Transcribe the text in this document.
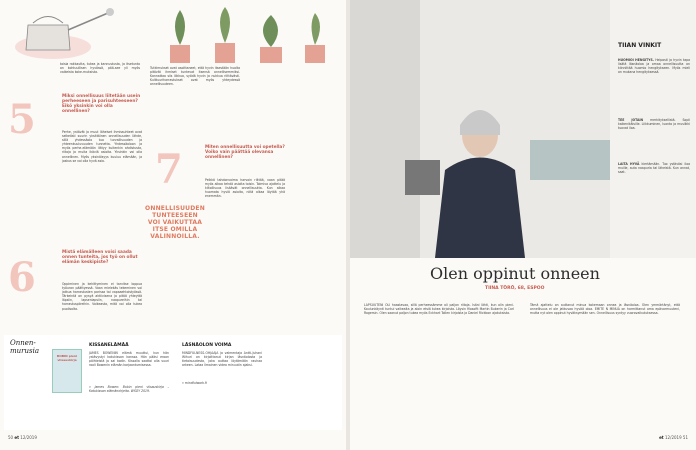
toisia rakkautta, tukea ja kannustusta, ja itsetunto on kohtuullisen hyvässä, pää-see yli myös vaikeista koke-muksista.
5	Miksi onnellisuus liitetään usein perheeseen ja parisuhteeseen? Eikö yksinkin voi olla onnellinen?
Perhe, ystävät ja muut läheiset ihmissuhteet ovat selkeästi suurin yksittäinen onnellisuuden lähde, sillä yhdessäolo tuo turvallisuuden ja yhteenkuuluvuuden tunnetta. Yhdessäoloon ja myös perhe-elämään liittyy kuitenkin ahdistusta, riitoja ja muita ikäviä asioita. Yksinkin voi olla onnellinen. Myös yksinäisyys kuuluu elämään, ja joskus se voi olla hyvä asia.
6
Mistä elämälleen voisi saada onnen tunteita, jos työ on ollut elämän keskipiste?
Oppiminen ja kehittyminen ei tarvitse loppua työuran päättyessä. Vaan mielekäs tekeminen voi jatkua harrastusten parissa tai vapaaehtoistyössä. Tärkeintä on pysyä aktiivisena ja pitää yhteyttä läpsiin, lapsenlapsiin, naapureihin tai harrastuspiireihin. Vaikeasta, mitä voi olla tukea puolisolta.
Tutkimukset ovat osoittaneet, että hyvin itsestään huolta pitävät ihmiset tuntevat itsensä onnellisemmiksi. Kannattaa siis liikkua, syödä hyvin ja nukkua riittävästi. Kulttuuriharrastukset ovat myös yhteydessä onnellisuuteen.
7	Miten onnellisuutta voi opetella? Voiko vain päättää olevansa onnellinen?
Pelkkä tahdonvoima harvoin riittää, vaan pitää myös alkaa tehdä asioita toisin. Toimiva ajattelu ja kiitollisuus lisäävät onnellisuutta. Kun alkaa huomata hyviä asioita, niitä alkaa löytää yhä enemmän.
ONNELLISUUDEN TUNTEESEEN VOI VAIKUTTAA ITSE OMILLA VALINNOILLA.
Onnen-murusia
BOBIN pieni viisauskirja
KISSANELÄMÄÄ
JAMES BOWENIN elämä muuttui, kun hän ystävystyi katukissan kanssa. Hän pääsi eroon päihteistä ja sai kodin. Kissalla saattoi olla suuri rooli Bowenin elämän korjaantumisessa.
» James Bowen: Bobin pieni viisauskirja – Katukissan elämänohjeita. WSOY 2019.
LÄSNÄOLON VOIMA
MINDFULNESS-OHJAAJA ja valmentaja Antti-Juhani Wihuri on kirjoittanut kirjan läsnäolosta ja tietoisuudesta, joka auttaa löytämään rauhaa arkeen. Lataa ilmainen video minuutin ajaksi.
» mindfulwork.fi
50 et 12/2019
TIIAN VINKIT
HUOMIOI HENGITYS. Helposti ja hyvin tapa lisätä läsnäoloa ja omaa onnellisuutta on kiinnittää huomio hengitykseen. Myös mieli on mukana hengityksessä.
TEE JOTAIN merkityksellistä. Sopii kaikenikäisille. Liikkuminen, luonto ja musiikki tuovat iloa.
LAITA HYVÄ kiertämään. Tuo ystäväsi iloa muille, auta naapuria tai läheistä. Kun annat, saat.
Olen oppinut onneen
TIINA TÖRÖ, 68, ESPOO
LAPSUUTENI OLI haastavaa, sillä perheessämme oli paljon riitoja. Isäni lähti, kun olin pieni. Koulunkäynti tuntui vaikealta ja aloin etsiä tukea kirjoista. Löysin filosofit Martin Buberin ja Carl Rogersin. Olen saanut paljon tukea myös Eckhart Tollen kirjoista ja Daniel Rickbon ajatuksista.
Tämä ajattelu on auttanut minua kokemaan onnea ja läsnäoloa. Olen ymmärtänyt, että onnellisuus ei ole jatkuvaa hyvää oloa. EMITE N MINUA on harmittanut oma epävarmuuteni, mutta nyt olen oppinut hyväksymään sen. Onnellisuus syntyy vuorovaikutuksessa.
et 12/2019 51
